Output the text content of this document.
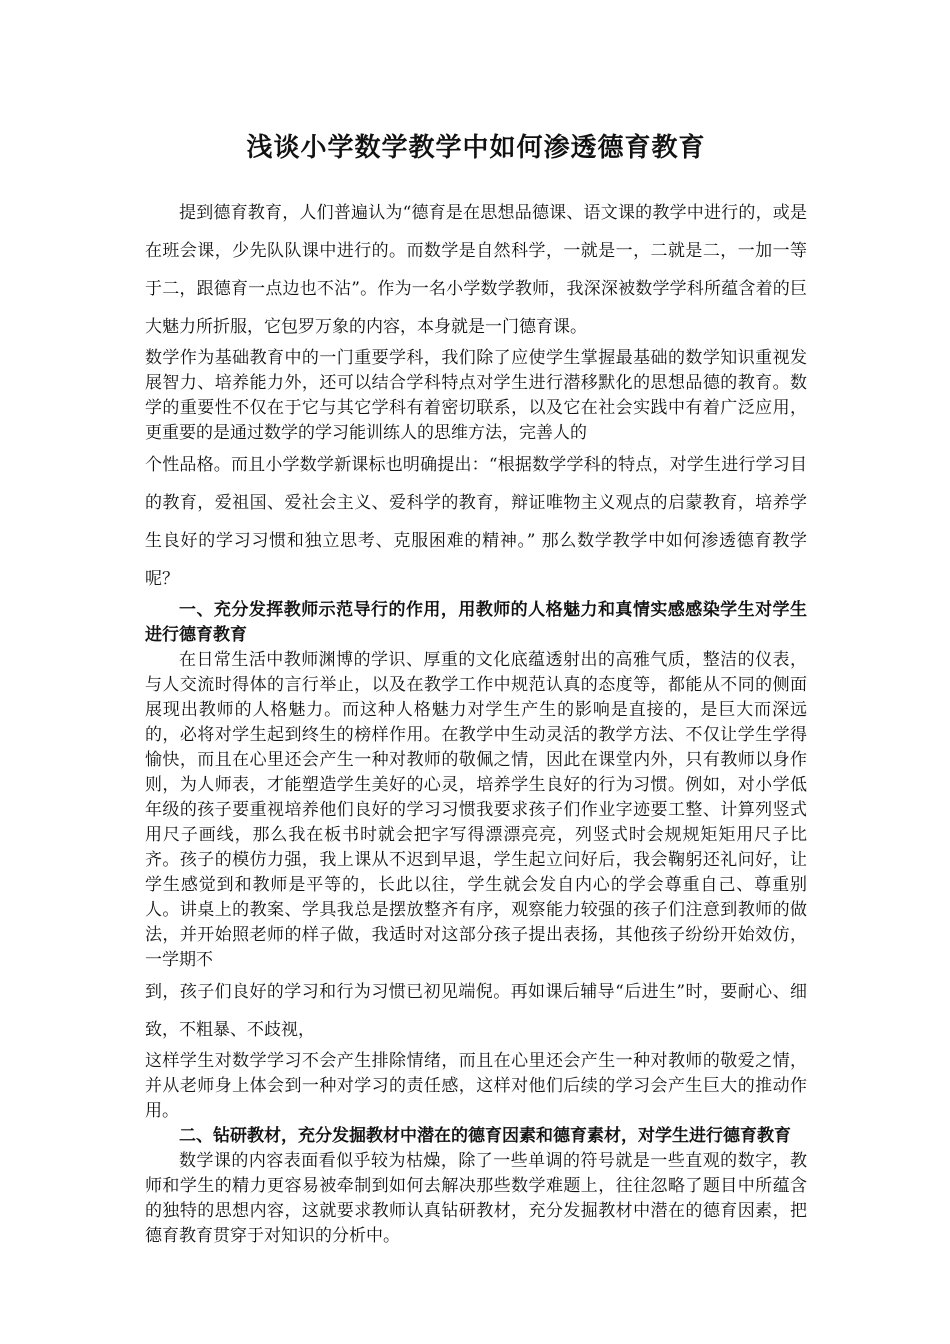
浅谈小学数学教学中如何渗透德育教育

提到德育教育，人们普遍认为“德育是在思想品德课、语文课的教学中进行的，或是在班会课，少先队队课中进行的。而数学是自然科学，一就是一，二就是二，一加一等于二，跟德育一点边也不沾”。作为一名小学数学教师，我深深被数学学科所蕴含着的巨大魅力所折服，它包罗万象的内容，本身就是一门德育课。

数学作为基础教育中的一门重要学科，我们除了应使学生掌握最基础的数学知识重视发展智力、培养能力外，还可以结合学科特点对学生进行潜移默化的思想品德的教育。数学的重要性不仅在于它与其它学科有着密切联系，以及它在社会实践中有着广泛应用，更重要的是通过数学的学习能训练人的思维方法，完善人的

个性品格。而且小学数学新课标也明确提出：“根据数学学科的特点，对学生进行学习目的教育，爱祖国、爱社会主义、爱科学的教育，辩证唯物主义观点的启蒙教育，培养学生良好的学习习惯和独立思考、克服困难的精神。” 那么数学教学中如何渗透德育教学呢？

一、充分发挥教师示范导行的作用，用教师的人格魅力和真情实感感染学生对学生进行德育教育

在日常生活中教师渊博的学识、厚重的文化底蕴透射出的高雅气质，整洁的仪表，与人交流时得体的言行举止，以及在教学工作中规范认真的态度等，都能从不同的侧面展现出教师的人格魅力。而这种人格魅力对学生产生的影响是直接的，是巨大而深远的，必将对学生起到终生的榜样作用。在教学中生动灵活的教学方法、不仅让学生学得愉快，而且在心里还会产生一种对教师的敬佩之情，因此在课堂内外，只有教师以身作则，为人师表，才能塑造学生美好的心灵，培养学生良好的行为习惯。例如，对小学低年级的孩子要重视培养他们良好的学习习惯我要求孩子们作业字迹要工整、计算列竖式用尺子画线，那么我在板书时就会把字写得漂漂亮亮，列竖式时会规规矩矩用尺子比齐。孩子的模仿力强，我上课从不迟到早退，学生起立问好后，我会鞠躬还礼问好，让学生感觉到和教师是平等的，长此以往，学生就会发自内心的学会尊重自己、尊重别人。讲桌上的教案、学具我总是摆放整齐有序，观察能力较强的孩子们注意到教师的做法，并开始照老师的样子做，我适时对这部分孩子提出表扬，其他孩子纷纷开始效仿，一学期不

到，孩子们良好的学习和行为习惯已初见端倪。再如课后辅导“后进生”时，要耐心、细致，不粗暴、不歧视，

这样学生对数学学习不会产生排除情绪，而且在心里还会产生一种对教师的敬爱之情，并从老师身上体会到一种对学习的责任感，这样对他们后续的学习会产生巨大的推动作用。

二、钻研教材，充分发掘教材中潜在的德育因素和德育素材，对学生进行德育教育

数学课的内容表面看似乎较为枯燥，除了一些单调的符号就是一些直观的数字，教师和学生的精力更容易被牵制到如何去解决那些数学难题上，往往忽略了题目中所蕴含的独特的思想内容，这就要求教师认真钻研教材，充分发掘教材中潜在的德育因素，把德育教育贯穿于对知识的分析中。
